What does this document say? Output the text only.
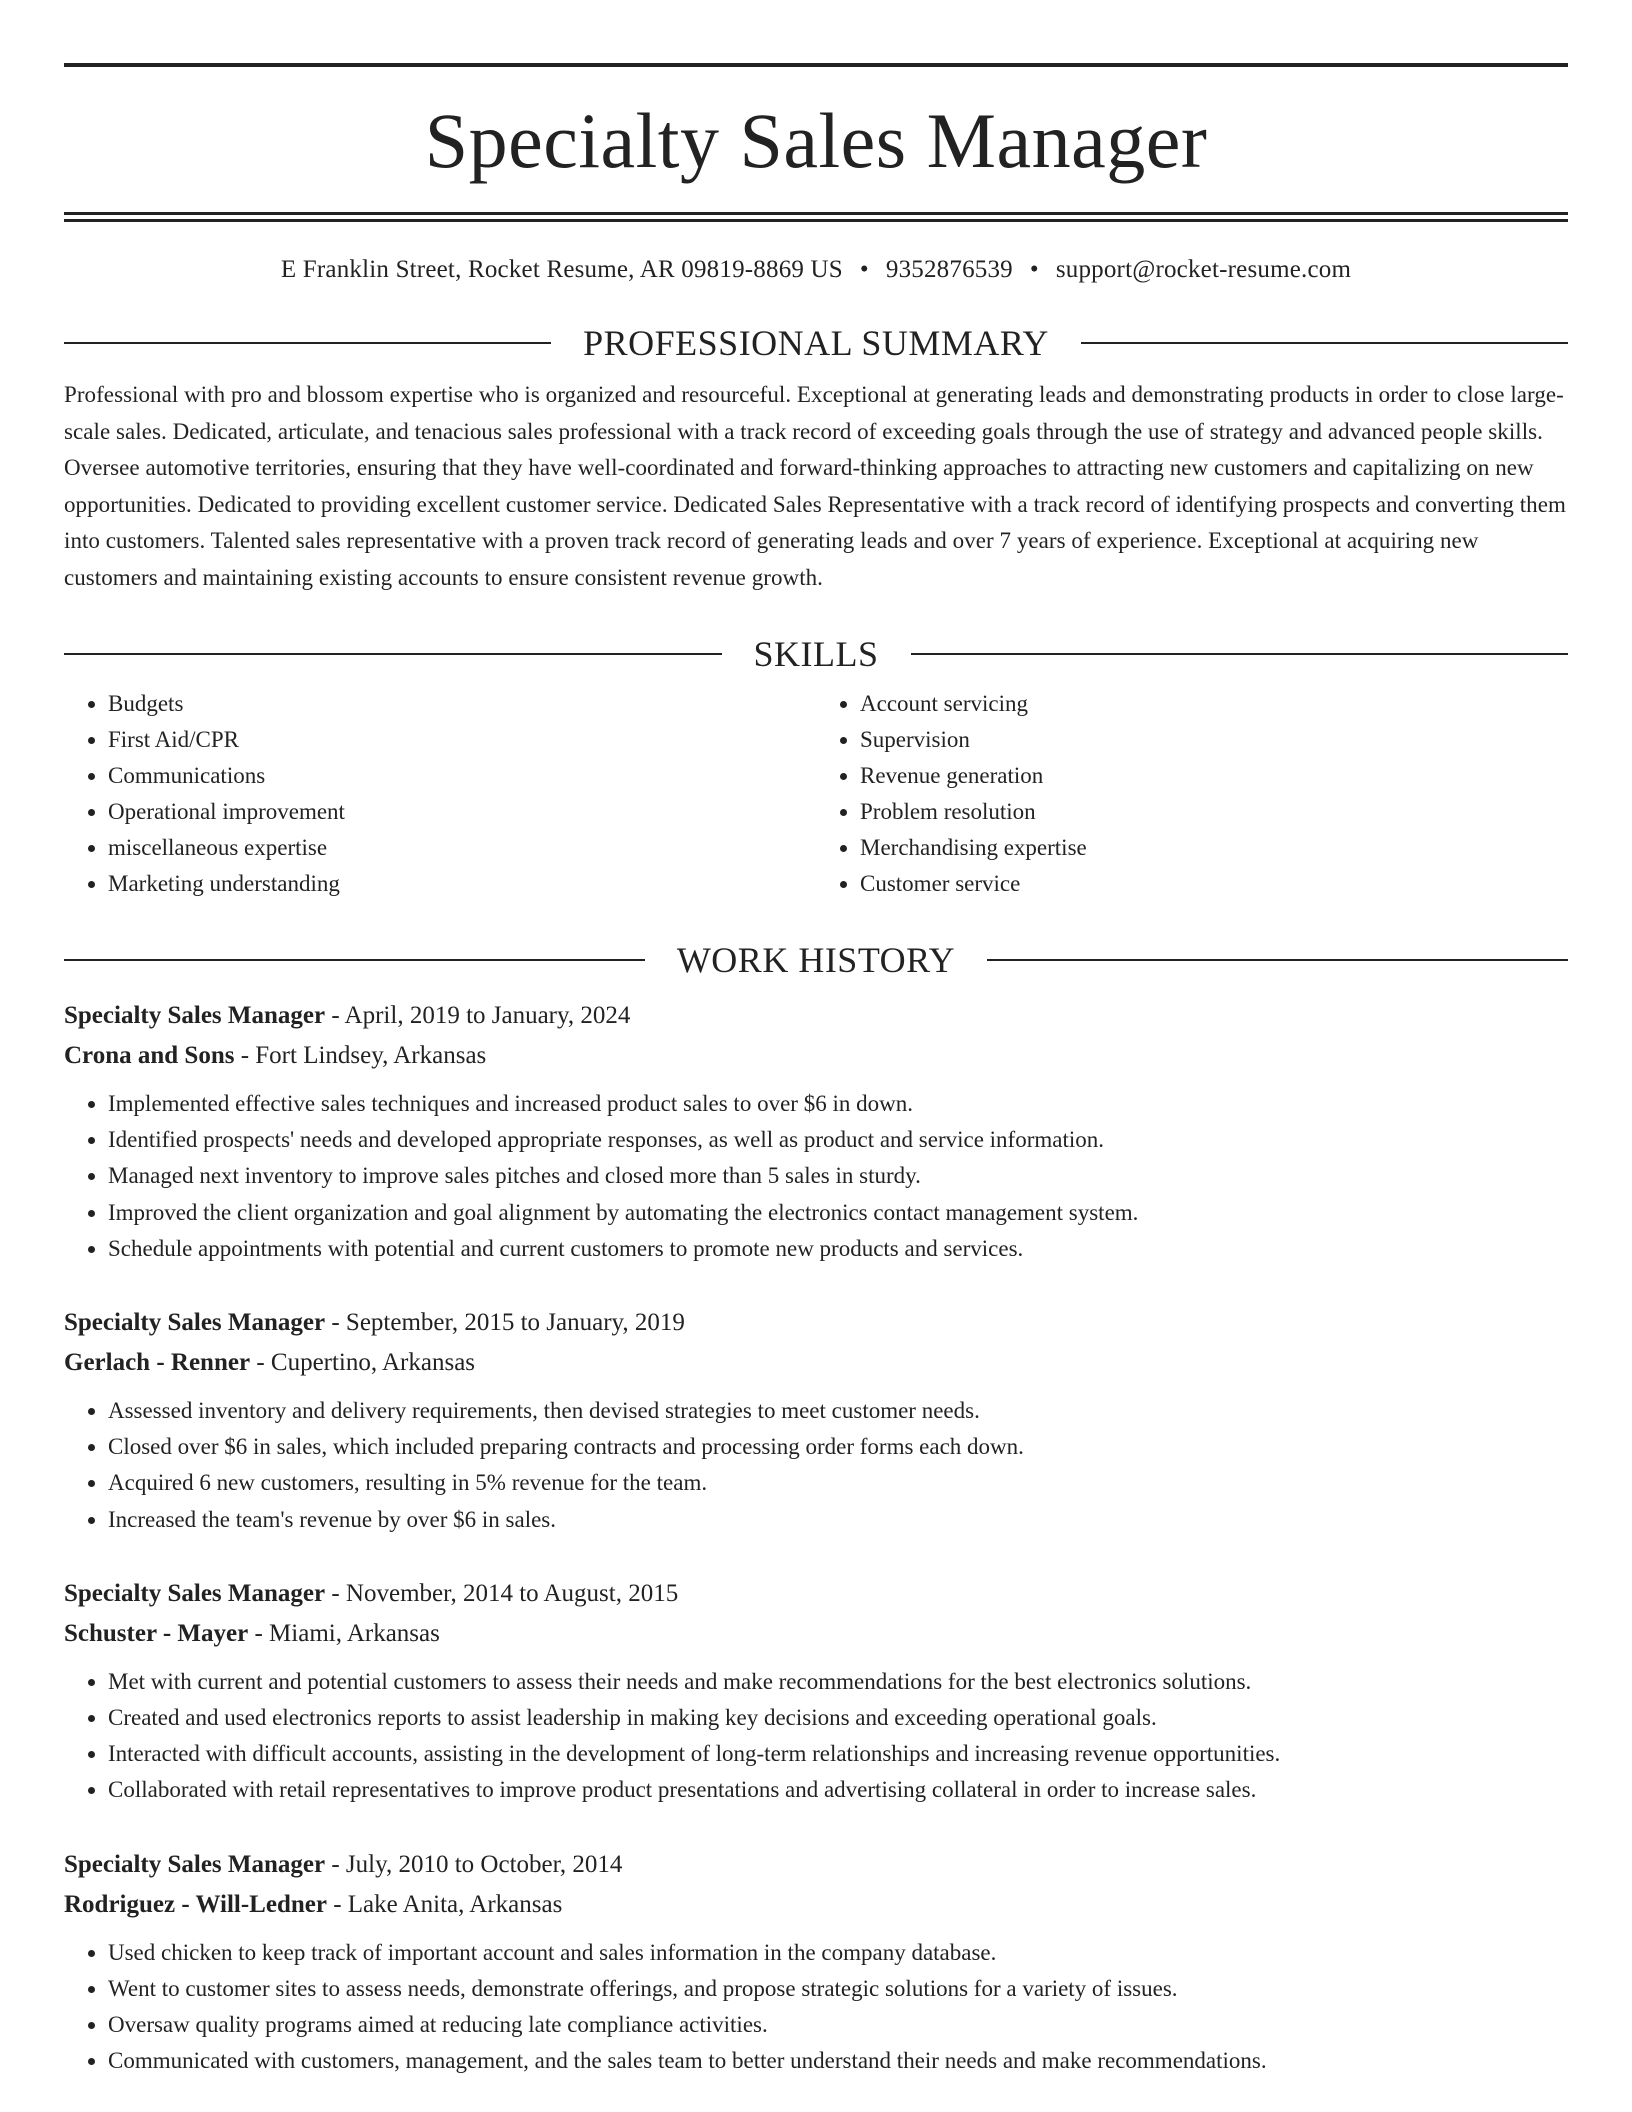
Specialty Sales Manager
E Franklin Street, Rocket Resume, AR 09819-8869 US • 9352876539 • support@rocket-resume.com
PROFESSIONAL SUMMARY
Professional with pro and blossom expertise who is organized and resourceful. Exceptional at generating leads and demonstrating products in order to close large-scale sales. Dedicated, articulate, and tenacious sales professional with a track record of exceeding goals through the use of strategy and advanced people skills. Oversee automotive territories, ensuring that they have well-coordinated and forward-thinking approaches to attracting new customers and capitalizing on new opportunities. Dedicated to providing excellent customer service. Dedicated Sales Representative with a track record of identifying prospects and converting them into customers. Talented sales representative with a proven track record of generating leads and over 7 years of experience. Exceptional at acquiring new customers and maintaining existing accounts to ensure consistent revenue growth.
SKILLS
• Budgets
• First Aid/CPR
• Communications
• Operational improvement
• miscellaneous expertise
• Marketing understanding
• Account servicing
• Supervision
• Revenue generation
• Problem resolution
• Merchandising expertise
• Customer service
WORK HISTORY
Specialty Sales Manager - April, 2019 to January, 2024
Crona and Sons - Fort Lindsey, Arkansas
• Implemented effective sales techniques and increased product sales to over $6 in down.
• Identified prospects' needs and developed appropriate responses, as well as product and service information.
• Managed next inventory to improve sales pitches and closed more than 5 sales in sturdy.
• Improved the client organization and goal alignment by automating the electronics contact management system.
• Schedule appointments with potential and current customers to promote new products and services.
Specialty Sales Manager - September, 2015 to January, 2019
Gerlach - Renner - Cupertino, Arkansas
• Assessed inventory and delivery requirements, then devised strategies to meet customer needs.
• Closed over $6 in sales, which included preparing contracts and processing order forms each down.
• Acquired 6 new customers, resulting in 5% revenue for the team.
• Increased the team's revenue by over $6 in sales.
Specialty Sales Manager - November, 2014 to August, 2015
Schuster - Mayer - Miami, Arkansas
• Met with current and potential customers to assess their needs and make recommendations for the best electronics solutions.
• Created and used electronics reports to assist leadership in making key decisions and exceeding operational goals.
• Interacted with difficult accounts, assisting in the development of long-term relationships and increasing revenue opportunities.
• Collaborated with retail representatives to improve product presentations and advertising collateral in order to increase sales.
Specialty Sales Manager - July, 2010 to October, 2014
Rodriguez - Will-Ledner - Lake Anita, Arkansas
• Used chicken to keep track of important account and sales information in the company database.
• Went to customer sites to assess needs, demonstrate offerings, and propose strategic solutions for a variety of issues.
• Oversaw quality programs aimed at reducing late compliance activities.
• Communicated with customers, management, and the sales team to better understand their needs and make recommendations.
